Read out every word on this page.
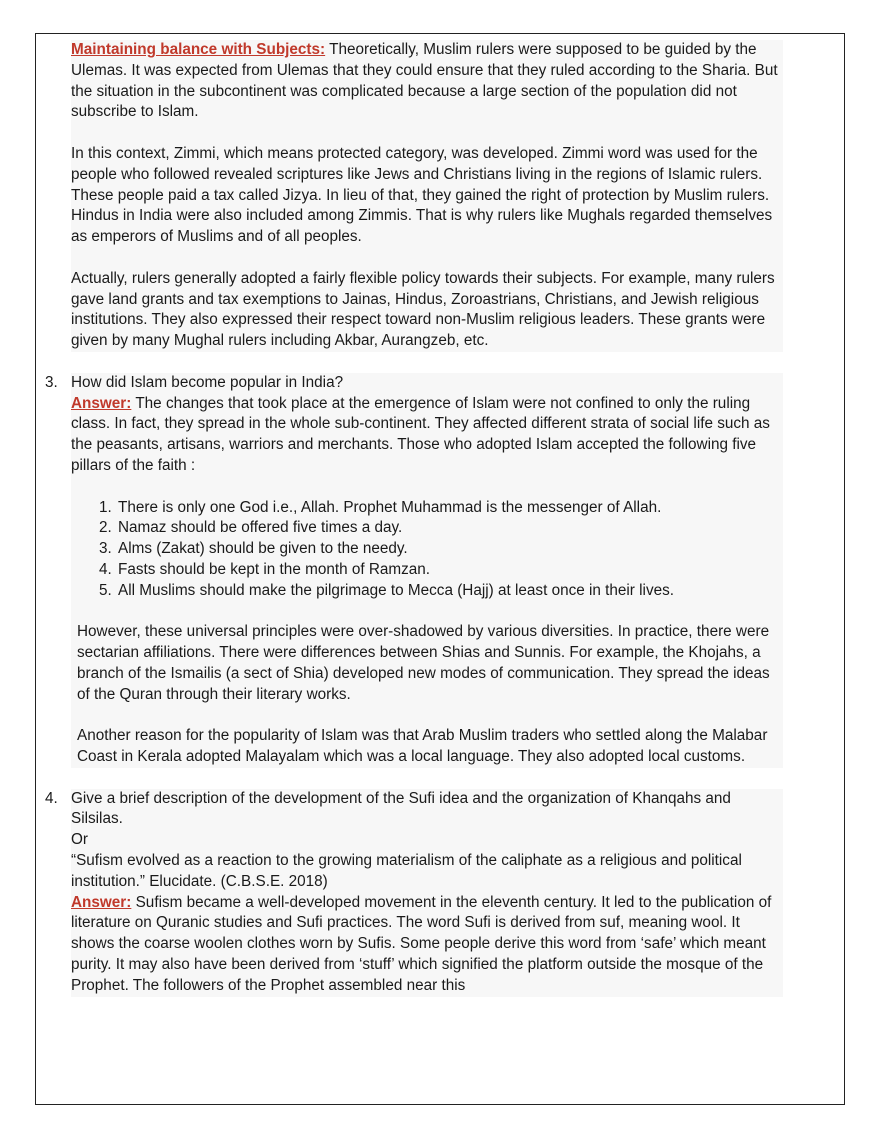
Maintaining balance with Subjects: Theoretically, Muslim rulers were supposed to be guided by the Ulemas. It was expected from Ulemas that they could ensure that they ruled according to the Sharia. But the situation in the subcontinent was complicated because a large section of the population did not subscribe to Islam.

In this context, Zimmi, which means protected category, was developed. Zimmi word was used for the people who followed revealed scriptures like Jews and Christians living in the regions of Islamic rulers. These people paid a tax called Jizya. In lieu of that, they gained the right of protection by Muslim rulers. Hindus in India were also included among Zimmis. That is why rulers like Mughals regarded themselves as emperors of Muslims and of all peoples.

Actually, rulers generally adopted a fairly flexible policy towards their subjects. For example, many rulers gave land grants and tax exemptions to Jainas, Hindus, Zoroastrians, Christians, and Jewish religious institutions. They also expressed their respect toward non-Muslim religious leaders. These grants were given by many Mughal rulers including Akbar, Aurangzeb, etc.

3. How did Islam become popular in India?

Answer: The changes that took place at the emergence of Islam were not confined to only the ruling class. In fact, they spread in the whole sub-continent. They affected different strata of social life such as the peasants, artisans, warriors and merchants. Those who adopted Islam accepted the following five pillars of the faith :

1. There is only one God i.e., Allah. Prophet Muhammad is the messenger of Allah.
2. Namaz should be offered five times a day.
3. Alms (Zakat) should be given to the needy.
4. Fasts should be kept in the month of Ramzan.
5. All Muslims should make the pilgrimage to Mecca (Hajj) at least once in their lives.

However, these universal principles were over-shadowed by various diversities. In practice, there were sectarian affiliations. There were differences between Shias and Sunnis. For example, the Khojahs, a branch of the Ismailis (a sect of Shia) developed new modes of communication. They spread the ideas of the Quran through their literary works.

Another reason for the popularity of Islam was that Arab Muslim traders who settled along the Malabar Coast in Kerala adopted Malayalam which was a local language. They also adopted local customs.

4. Give a brief description of the development of the Sufi idea and the organization of Khanqahs and Silsilas.

Or

“Sufism evolved as a reaction to the growing materialism of the caliphate as a religious and political institution.” Elucidate. (C.B.S.E. 2018)

Answer: Sufism became a well-developed movement in the eleventh century. It led to the publication of literature on Quranic studies and Sufi practices. The word Sufi is derived from suf, meaning wool. It shows the coarse woolen clothes worn by Sufis. Some people derive this word from ‘safe’ which meant purity. It may also have been derived from ‘stuff’ which signified the platform outside the mosque of the Prophet. The followers of the Prophet assembled near this
